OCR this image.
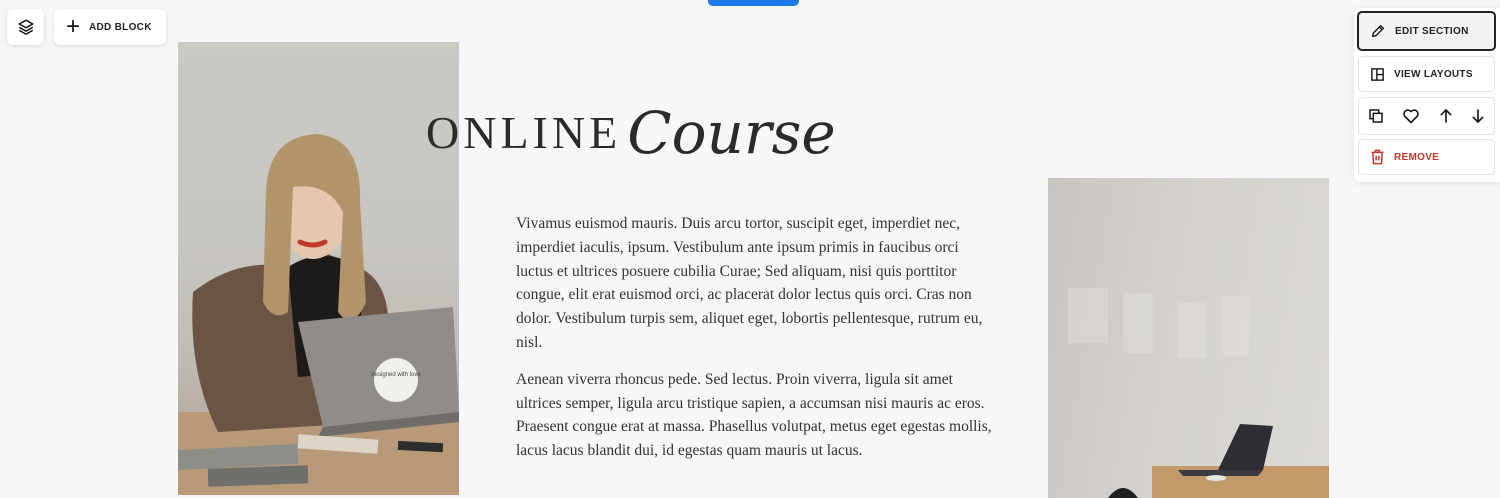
+ ADD BLOCK
designed with love
ONLINE Course

Vivamus euismod mauris. Duis arcu tortor, suscipit eget, imperdiet nec, imperdiet iaculis, ipsum. Vestibulum ante ipsum primis in faucibus orci luctus et ultrices posuere cubilia Curae; Sed aliquam, nisi quis porttitor congue, elit erat euismod orci, ac placerat dolor lectus quis orci. Cras non dolor. Vestibulum turpis sem, aliquet eget, lobortis pellentesque, rutrum eu, nisl.

Aenean viverra rhoncus pede. Sed lectus. Proin viverra, ligula sit amet ultrices semper, ligula arcu tristique sapien, a accumsan nisi mauris ac eros. Praesent congue erat at massa. Phasellus volutpat, metus eget egestas mollis, lacus lacus blandit dui, id egestas quam mauris ut lacus.

EDIT SECTION
VIEW LAYOUTS
REMOVE
